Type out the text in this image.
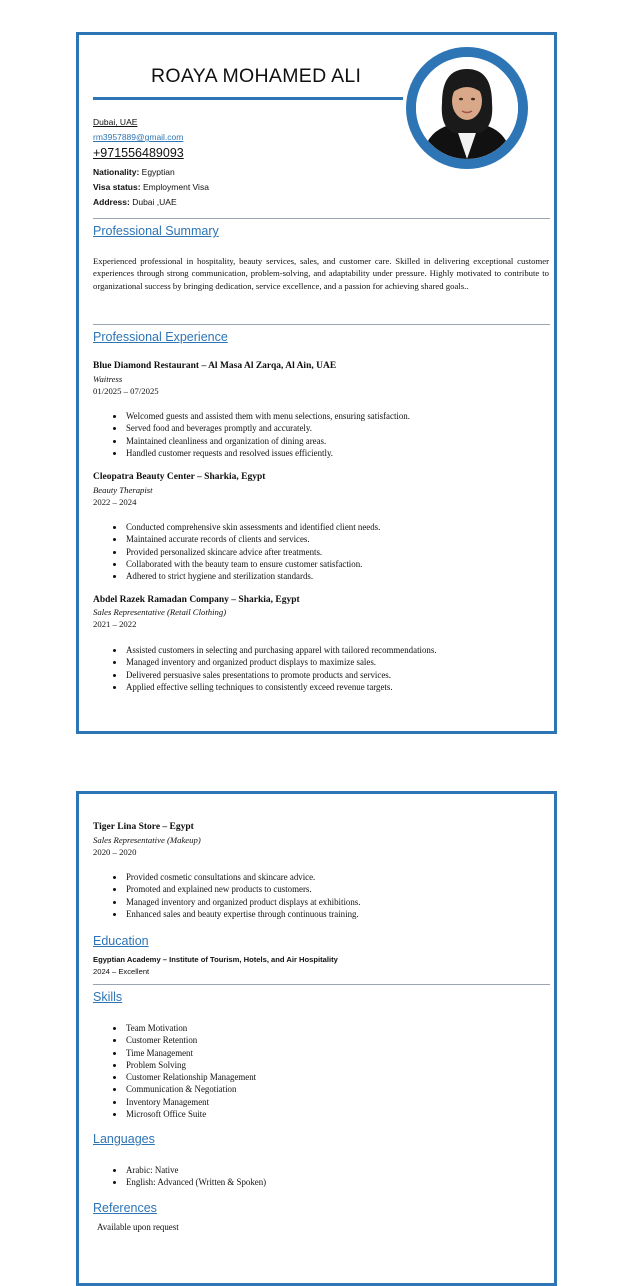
ROAYA MOHAMED ALI
Dubai, UAE
rm3957889@gmail.com
+971556489093
Nationality: Egyptian
Visa status: Employment Visa
Address: Dubai ,UAE
Professional Summary
Experienced professional in hospitality, beauty services, sales, and customer care. Skilled in delivering exceptional customer experiences through strong communication, problem-solving, and adaptability under pressure. Highly motivated to contribute to organizational success by bringing dedication, service excellence, and a passion for achieving shared goals..
Professional Experience
Blue Diamond Restaurant – Al Masa Al Zarqa, Al Ain, UAE
Waitress
01/2025 – 07/2025
• Welcomed guests and assisted them with menu selections, ensuring satisfaction.
• Served food and beverages promptly and accurately.
• Maintained cleanliness and organization of dining areas.
• Handled customer requests and resolved issues efficiently.
Cleopatra Beauty Center – Sharkia, Egypt
Beauty Therapist
2022 – 2024
• Conducted comprehensive skin assessments and identified client needs.
• Maintained accurate records of clients and services.
• Provided personalized skincare advice after treatments.
• Collaborated with the beauty team to ensure customer satisfaction.
• Adhered to strict hygiene and sterilization standards.
Abdel Razek Ramadan Company – Sharkia, Egypt
Sales Representative (Retail Clothing)
2021 – 2022
• Assisted customers in selecting and purchasing apparel with tailored recommendations.
• Managed inventory and organized product displays to maximize sales.
• Delivered persuasive sales presentations to promote products and services.
• Applied effective selling techniques to consistently exceed revenue targets.
Tiger Lina Store – Egypt
Sales Representative (Makeup)
2020 – 2020
• Provided cosmetic consultations and skincare advice.
• Promoted and explained new products to customers.
• Managed inventory and organized product displays at exhibitions.
• Enhanced sales and beauty expertise through continuous training.
Education
Egyptian Academy – Institute of Tourism, Hotels, and Air Hospitality
2024 – Excellent
Skills
• Team Motivation
• Customer Retention
• Time Management
• Problem Solving
• Customer Relationship Management
• Communication & Negotiation
• Inventory Management
• Microsoft Office Suite
Languages
• Arabic: Native
• English: Advanced (Written & Spoken)
References
Available upon request
